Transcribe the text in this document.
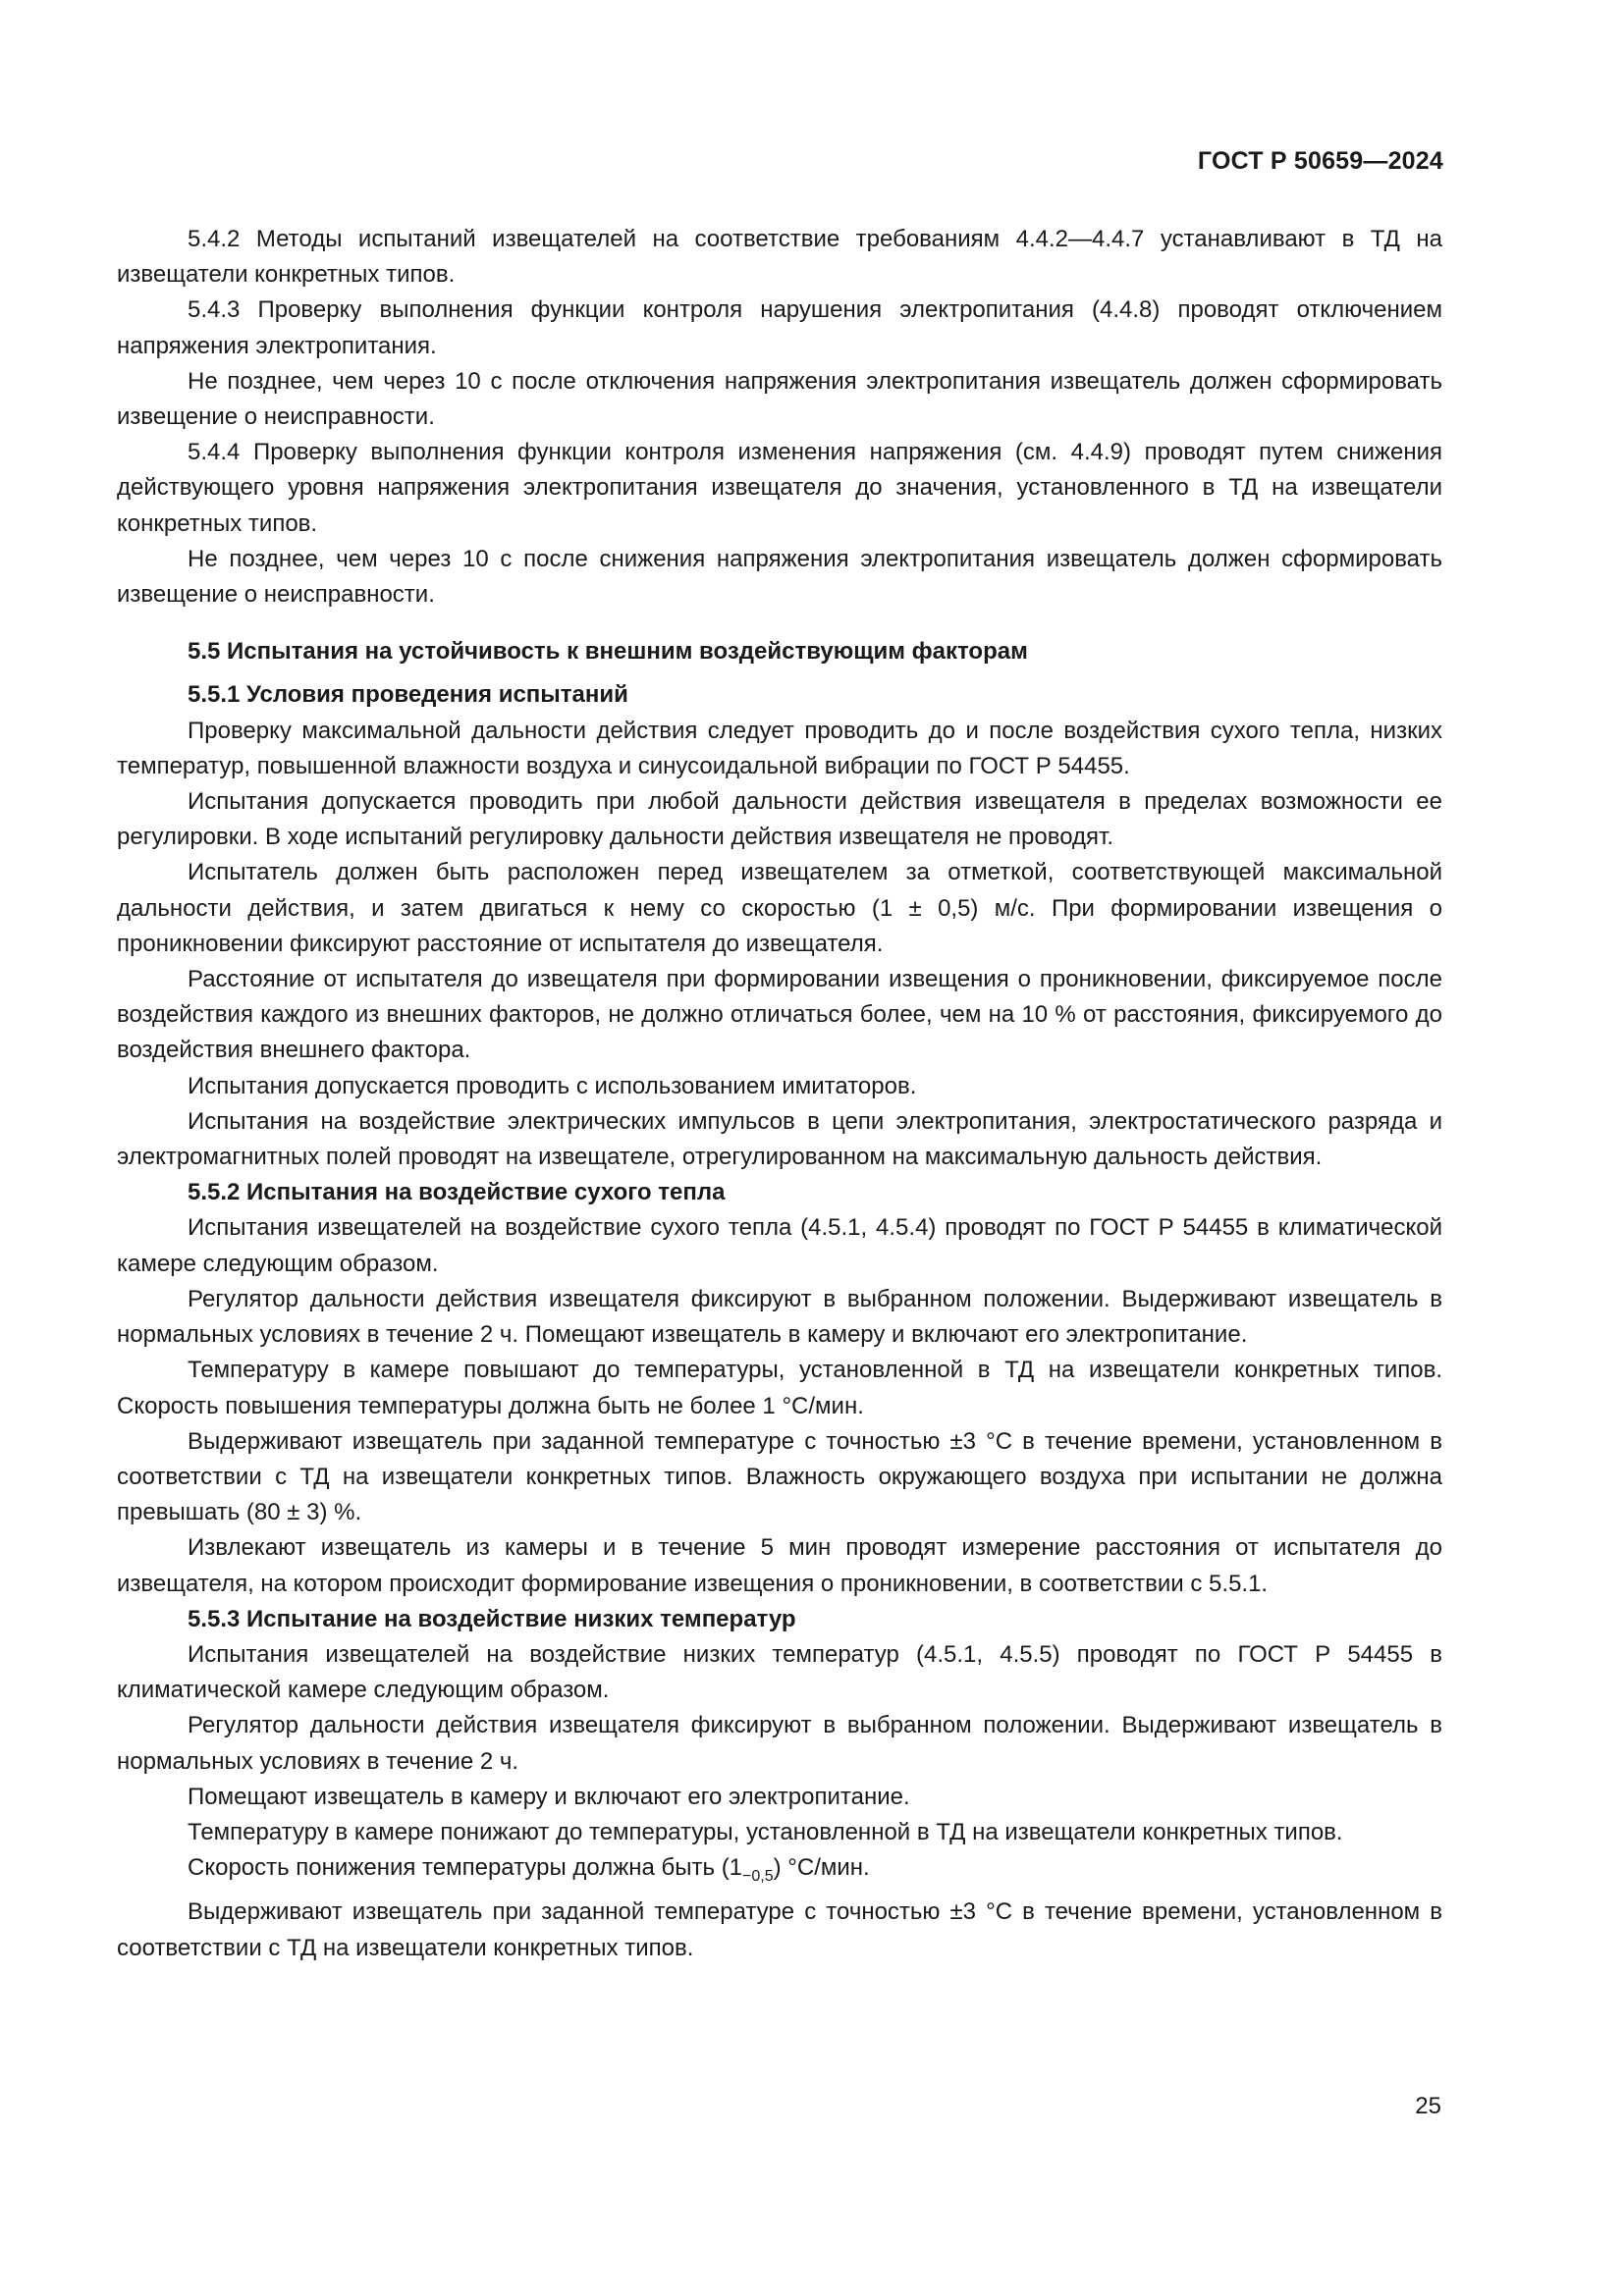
ГОСТ Р 50659—2024

5.4.2 Методы испытаний извещателей на соответствие требованиям 4.4.2—4.4.7 устанавливают в ТД на извещатели конкретных типов.

5.4.3 Проверку выполнения функции контроля нарушения электропитания (4.4.8) проводят отключением напряжения электропитания.

Не позднее, чем через 10 с после отключения напряжения электропитания извещатель должен сформировать извещение о неисправности.

5.4.4 Проверку выполнения функции контроля изменения напряжения (см. 4.4.9) проводят путем снижения действующего уровня напряжения электропитания извещателя до значения, установленного в ТД на извещатели конкретных типов.

Не позднее, чем через 10 с после снижения напряжения электропитания извещатель должен сформировать извещение о неисправности.

5.5 Испытания на устойчивость к внешним воздействующим факторам

5.5.1 Условия проведения испытаний

Проверку максимальной дальности действия следует проводить до и после воздействия сухого тепла, низких температур, повышенной влажности воздуха и синусоидальной вибрации по ГОСТ Р 54455.

Испытания допускается проводить при любой дальности действия извещателя в пределах возможности ее регулировки. В ходе испытаний регулировку дальности действия извещателя не проводят.

Испытатель должен быть расположен перед извещателем за отметкой, соответствующей максимальной дальности действия, и затем двигаться к нему со скоростью (1 ± 0,5) м/с. При формировании извещения о проникновении фиксируют расстояние от испытателя до извещателя.

Расстояние от испытателя до извещателя при формировании извещения о проникновении, фиксируемое после воздействия каждого из внешних факторов, не должно отличаться более, чем на 10 % от расстояния, фиксируемого до воздействия внешнего фактора.

Испытания допускается проводить с использованием имитаторов.

Испытания на воздействие электрических импульсов в цепи электропитания, электростатического разряда и электромагнитных полей проводят на извещателе, отрегулированном на максимальную дальность действия.

5.5.2 Испытания на воздействие сухого тепла

Испытания извещателей на воздействие сухого тепла (4.5.1, 4.5.4) проводят по ГОСТ Р 54455 в климатической камере следующим образом.

Регулятор дальности действия извещателя фиксируют в выбранном положении. Выдерживают извещатель в нормальных условиях в течение 2 ч. Помещают извещатель в камеру и включают его электропитание.

Температуру в камере повышают до температуры, установленной в ТД на извещатели конкретных типов. Скорость повышения температуры должна быть не более 1 °С/мин.

Выдерживают извещатель при заданной температуре с точностью ±3 °С в течение времени, установленном в соответствии с ТД на извещатели конкретных типов. Влажность окружающего воздуха при испытании не должна превышать (80 ± 3) %.

Извлекают извещатель из камеры и в течение 5 мин проводят измерение расстояния от испытателя до извещателя, на котором происходит формирование извещения о проникновении, в соответствии с 5.5.1.

5.5.3 Испытание на воздействие низких температур

Испытания извещателей на воздействие низких температур (4.5.1, 4.5.5) проводят по ГОСТ Р 54455 в климатической камере следующим образом.

Регулятор дальности действия извещателя фиксируют в выбранном положении. Выдерживают извещатель в нормальных условиях в течение 2 ч.

Помещают извещатель в камеру и включают его электропитание.

Температуру в камере понижают до температуры, установленной в ТД на извещатели конкретных типов.

Скорость понижения температуры должна быть $(1_{-0,5})$ °С/мин.

Выдерживают извещатель при заданной температуре с точностью ±3 °С в течение времени, установленном в соответствии с ТД на извещатели конкретных типов.

25
